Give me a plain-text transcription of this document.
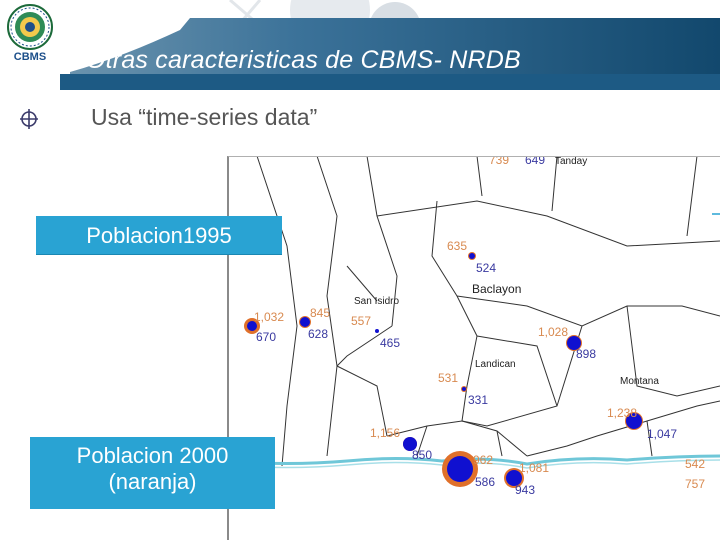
CBMS Otras caracteristicas de CBMS- NRDB
Usa “time-series data”
Tanday
Baclayon
San Isidro
Landican
Montana
739
635
1,032 845
557
1,028
531
1,238
1,156
962
1,081	542
757
649
524
670	628
465
898
331
1,047
850
586
943
Poblacion1995
Poblacion 2000
(naranja)
